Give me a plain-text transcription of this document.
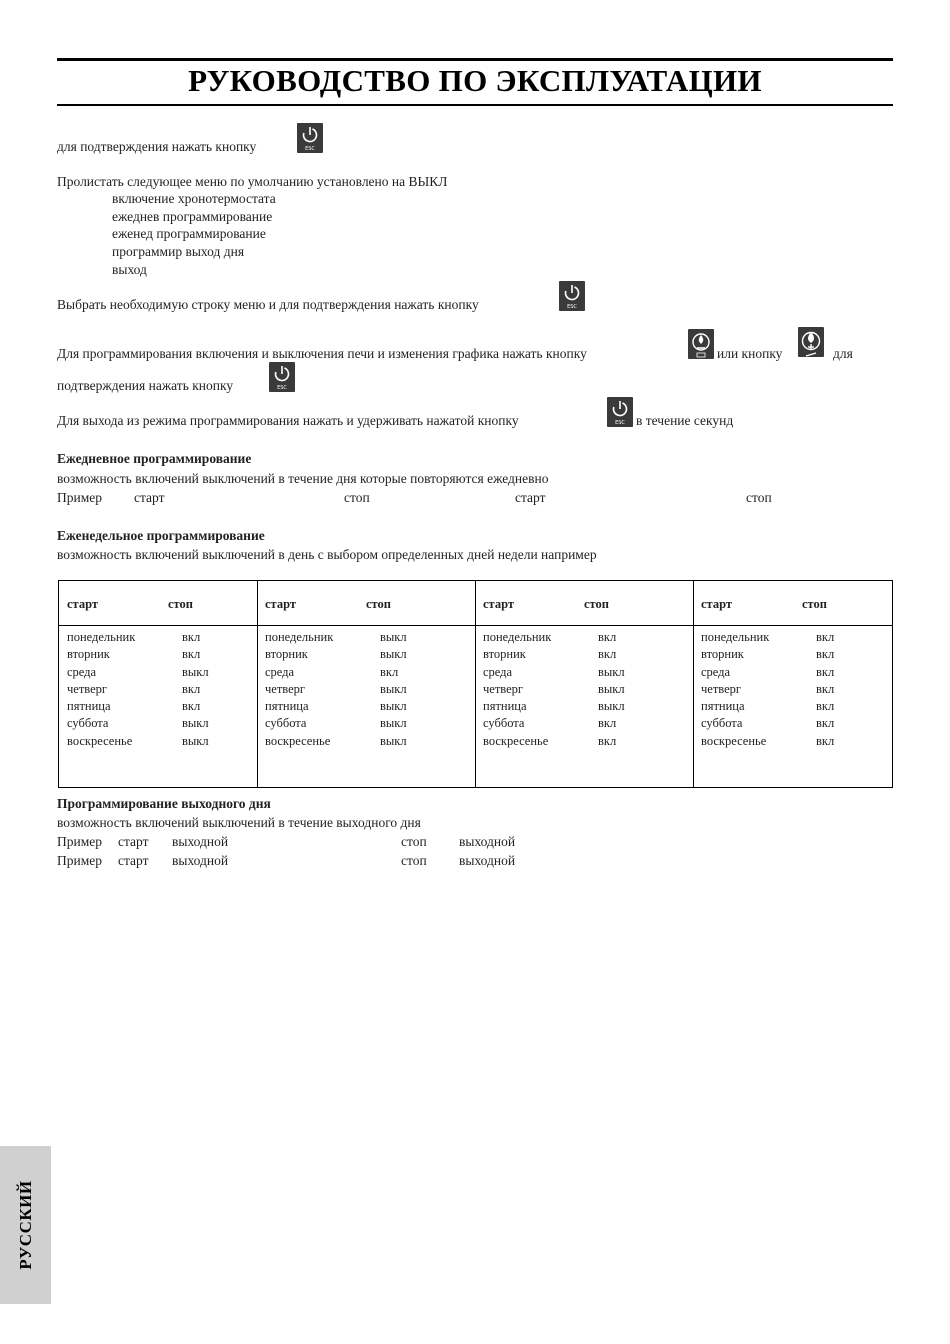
РУКОВОДСТВО ПО ЭКСПЛУАТАЦИИ
для подтверждения нажать кнопку	ESC
Пролистать следующее меню по умолчанию установлено на ВЫКЛ
включение хронотермостата
ежеднев программирование
еженед программирование
программир выход дня
выход
Выбрать необходимую строку меню и для подтверждения нажать кнопку	ESC
Для программирования включения и выключения печи и изменения графика нажать кнопку	или кнопку	для
подтверждения нажать кнопку	ESC
Для выхода из режима программирования нажать и удерживать нажатой кнопку	ESC в течение секунд
Ежедневное программирование
возможность включений выключений в течение дня которые повторяются ежедневно
Пример старт	стоп	старт	стоп
Еженедельное программирование
возможность включений выключений в день с выбором определенных дней недели например
старт	стоп
понедельник	вкл
вторник	вкл
среда	выкл
четверг	вкл
пятница	вкл
суббота	выкл
воскресенье	выкл
старт	стоп
понедельник	выкл
вторник	выкл
среда	вкл
четверг	выкл
пятница	выкл
суббота	выкл
воскресенье	выкл
старт	стоп
понедельник	вкл
вторник	вкл
среда	выкл
четверг	выкл
пятница	выкл
суббота	вкл
воскресенье	вкл
старт	стоп
понедельник	вкл
вторник	вкл
среда	вкл
четверг	вкл
пятница	вкл
суббота	вкл
воскресенье	вкл
РУССКИЙ
Программирование выходного дня
возможность включений выключений в течение выходного дня
Пример старт выходной	стоп выходной
Пример старт выходной	стоп выходной
